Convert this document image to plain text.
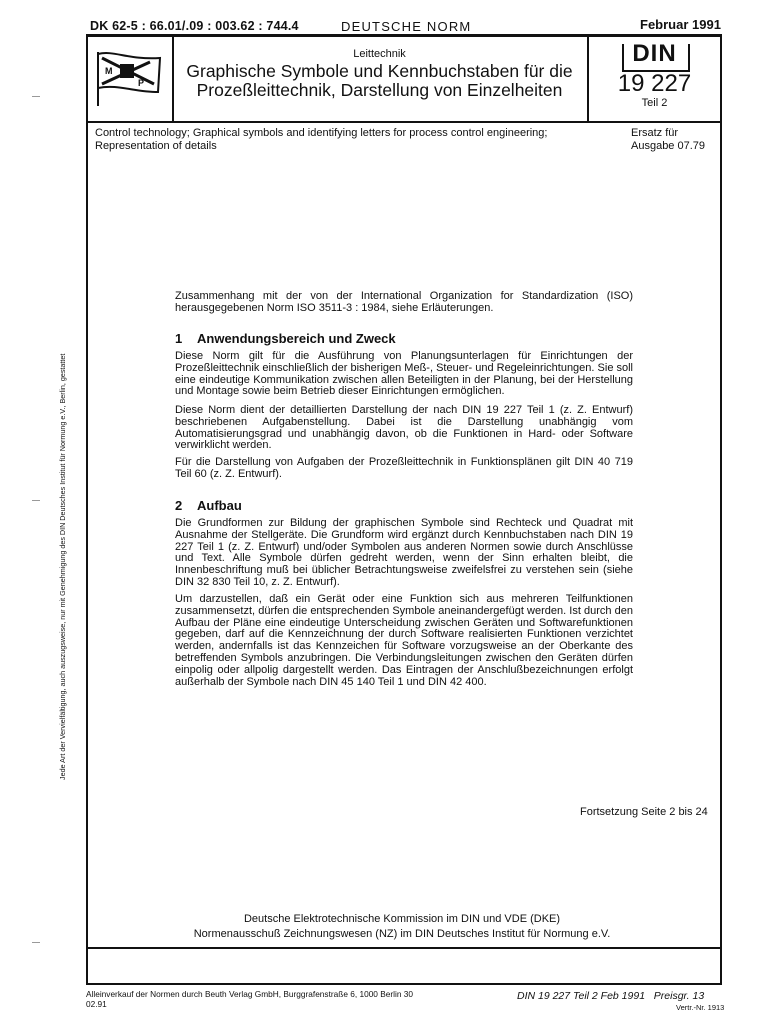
DK 62-5 : 66.01/.09 : 003.62 : 744.4	DEUTSCHE NORM	Februar 1991
M
P
Leittechnik
Graphische Symbole und Kennbuchstaben für die
Prozeßleittechnik, Darstellung von Einzelheiten
DIN
19 227
Teil 2
Control technology; Graphical symbols and identifying letters for process control engineering;
Representation of details
Ersatz für
Ausgabe 07.79
Jede Art der Vervielfältigung, auch auszugsweise, nur mit Genehmigung des DIN Deutsches Institut für Normung e.V., Berlin, gestattet
Zusammenhang mit der von der International Organization for Standardization (ISO) herausgegebenen Norm ISO 3511-3 : 1984, siehe Erläuterungen.
1 Anwendungsbereich und Zweck
Diese Norm gilt für die Ausführung von Planungsunterlagen für Einrichtungen der Prozeßleittechnik einschließlich der bisherigen Meß-, Steuer- und Regeleinrichtungen. Sie soll eine eindeutige Kommunikation zwischen allen Beteiligten in der Planung, bei der Herstellung und Montage sowie beim Betrieb dieser Einrichtungen ermöglichen.
Diese Norm dient der detaillierten Darstellung der nach DIN 19 227 Teil 1 (z. Z. Entwurf) beschriebenen Aufgabenstellung. Dabei ist die Darstellung unabhängig vom Automatisierungsgrad und unabhängig davon, ob die Funktionen in Hard- oder Software verwirklicht werden.
Für die Darstellung von Aufgaben der Prozeßleittechnik in Funktionsplänen gilt DIN 40 719 Teil 60 (z. Z. Entwurf).
2 Aufbau
Die Grundformen zur Bildung der graphischen Symbole sind Rechteck und Quadrat mit Ausnahme der Stellgeräte. Die Grundform wird ergänzt durch Kennbuchstaben nach DIN 19 227 Teil 1 (z. Z. Entwurf) und/oder Symbolen aus anderen Normen sowie durch Anschlüsse und Text. Alle Symbole dürfen gedreht werden, wenn der Sinn erhalten bleibt, die Innenbeschriftung muß bei üblicher Betrachtungsweise zweifelsfrei zu verstehen sein (siehe DIN 32 830 Teil 10, z. Z. Entwurf).
Um darzustellen, daß ein Gerät oder eine Funktion sich aus mehreren Teilfunktionen zusammensetzt, dürfen die entsprechenden Symbole aneinandergefügt werden. Ist durch den Aufbau der Pläne eine eindeutige Unterscheidung zwischen Geräten und Softwarefunktionen gegeben, darf auf die Kennzeichnung der durch Software realisierten Funktionen verzichtet werden, andernfalls ist das Kennzeichen für Software vorzugsweise an der Oberkante des betreffenden Symbols anzubringen. Die Verbindungsleitungen zwischen den Geräten dürfen einpolig oder allpolig dargestellt werden. Das Eintragen der Anschlußbezeichnungen erfolgt außerhalb der Symbole nach DIN 45 140 Teil 1 und DIN 42 400.
Fortsetzung Seite 2 bis 24
Deutsche Elektrotechnische Kommission im DIN und VDE (DKE)
Normenausschuß Zeichnungswesen (NZ) im DIN Deutsches Institut für Normung e.V.
Alleinverkauf der Normen durch Beuth Verlag GmbH, Burggrafenstraße 6, 1000 Berlin 30
02.91
DIN 19 227 Teil 2 Feb 1991 Preisgr. 13
Vertr.-Nr. 1913
